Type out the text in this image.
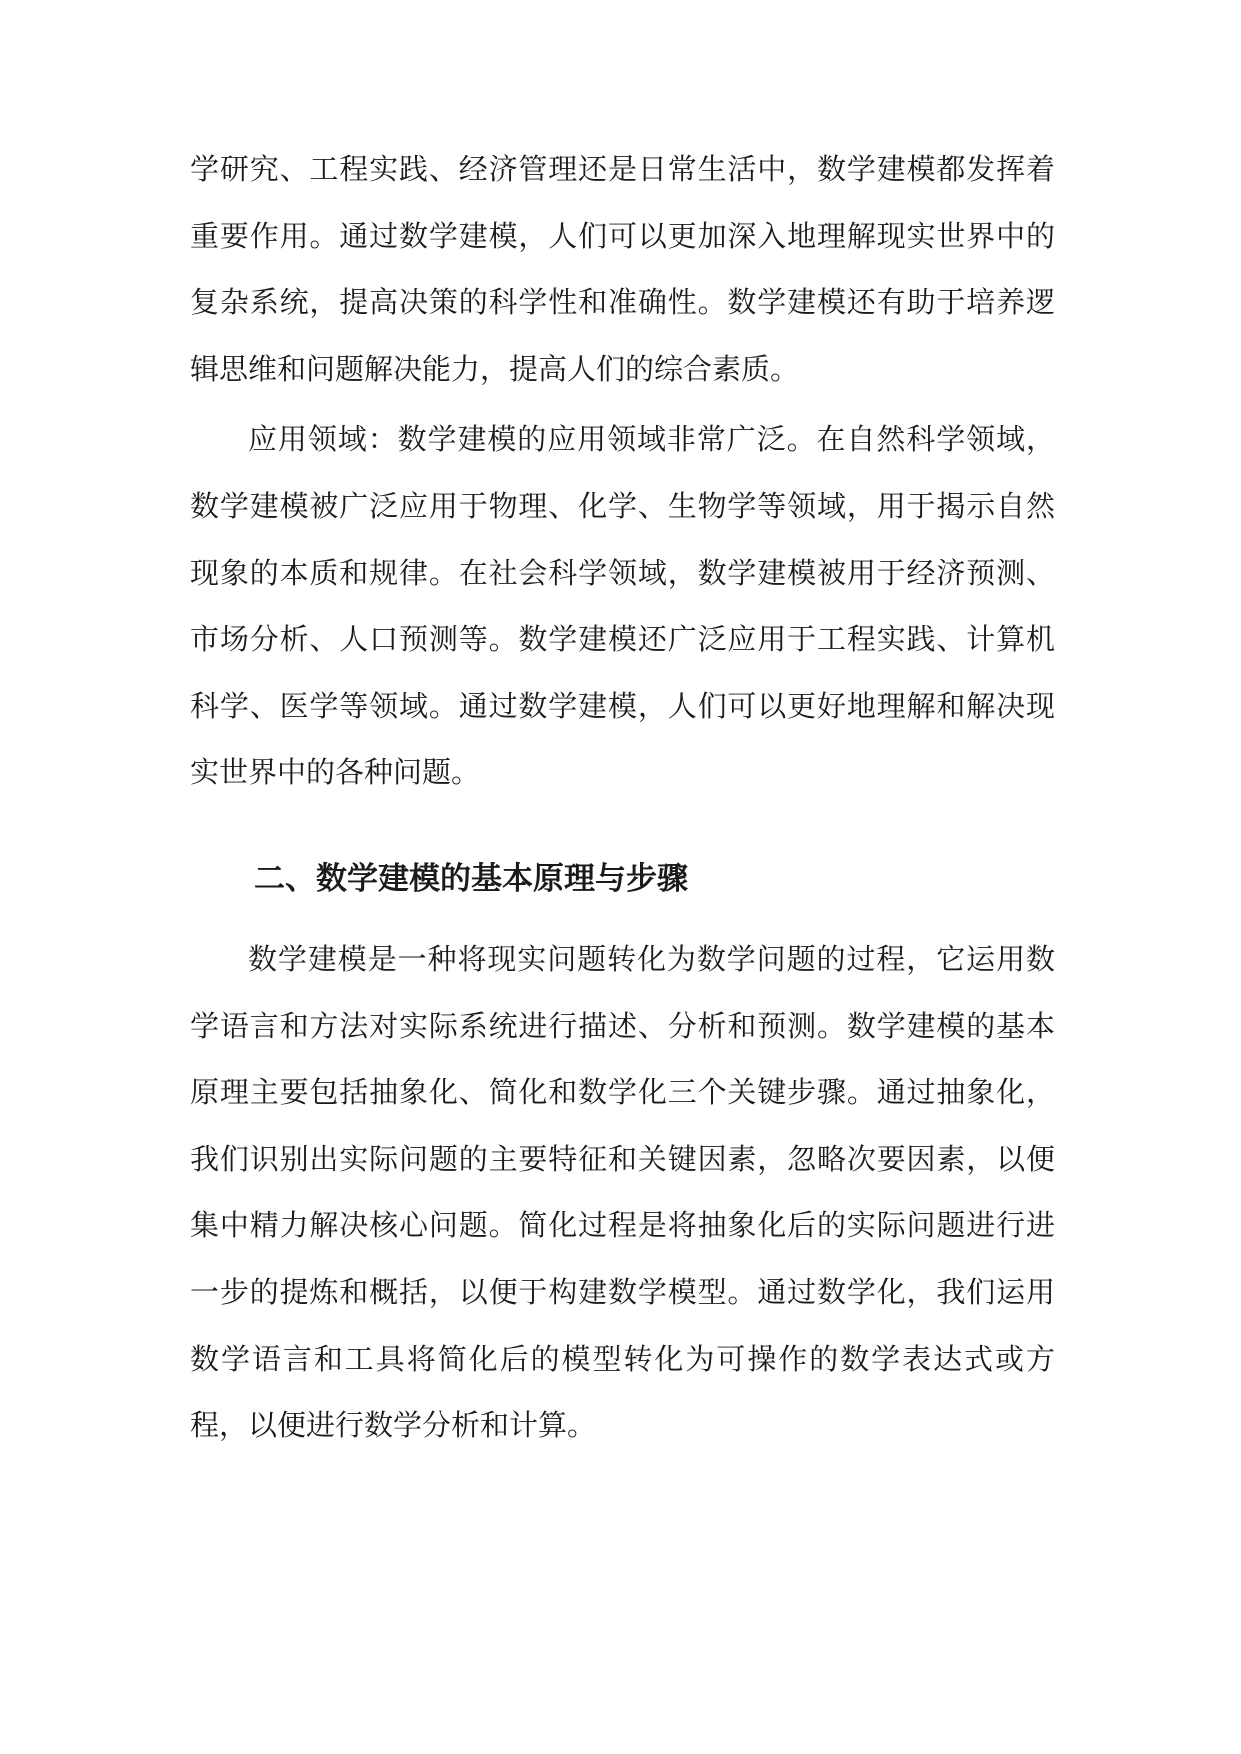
学研究、工程实践、经济管理还是日常生活中，数学建模都发挥着重要作用。通过数学建模，人们可以更加深入地理解现实世界中的复杂系统，提高决策的科学性和准确性。数学建模还有助于培养逻辑思维和问题解决能力，提高人们的综合素质。

应用领域：数学建模的应用领域非常广泛。在自然科学领域，数学建模被广泛应用于物理、化学、生物学等领域，用于揭示自然现象的本质和规律。在社会科学领域，数学建模被用于经济预测、市场分析、人口预测等。数学建模还广泛应用于工程实践、计算机科学、医学等领域。通过数学建模，人们可以更好地理解和解决现实世界中的各种问题。

二、数学建模的基本原理与步骤

数学建模是一种将现实问题转化为数学问题的过程，它运用数学语言和方法对实际系统进行描述、分析和预测。数学建模的基本原理主要包括抽象化、简化和数学化三个关键步骤。通过抽象化，我们识别出实际问题的主要特征和关键因素，忽略次要因素，以便集中精力解决核心问题。简化过程是将抽象化后的实际问题进行进一步的提炼和概括，以便于构建数学模型。通过数学化，我们运用数学语言和工具将简化后的模型转化为可操作的数学表达式或方程，以便进行数学分析和计算。
